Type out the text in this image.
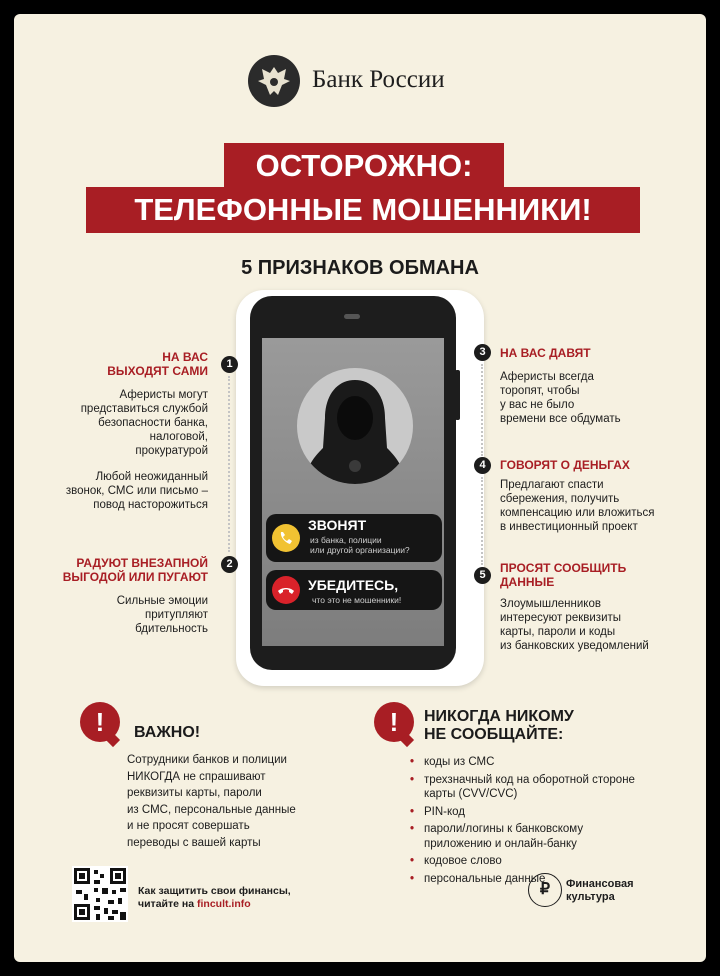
Банк России
ОСТОРОЖНО:
ТЕЛЕФОННЫЕ МОШЕННИКИ!
5 ПРИЗНАКОВ ОБМАНА
ЗВОНЯТ
из банка, полиции
или другой организации?
УБЕДИТЕСЬ,
что это не мошенники!
1
2
3
4
5
НА ВАС
ВЫХОДЯТ САМИ
Аферисты могут
представиться службой
безопасности банка,
налоговой,
прокуратурой
Любой неожиданный
звонок, СМС или письмо –
повод насторожиться
РАДУЮТ ВНЕЗАПНОЙ
ВЫГОДОЙ ИЛИ ПУГАЮТ
Сильные эмоции
притупляют
бдительность
НА ВАС ДАВЯТ
Аферисты всегда
торопят, чтобы
у вас не было
времени все обдумать
ГОВОРЯТ О ДЕНЬГАХ
Предлагают спасти
сбережения, получить
компенсацию или вложиться
в инвестиционный проект
ПРОСЯТ СООБЩИТЬ
ДАННЫЕ
Злоумышленников
интересуют реквизиты
карты, пароли и коды
из банковских уведомлений
!	ВАЖНО!
Сотрудники банков и полиции
НИКОГДА не спрашивают
реквизиты карты, пароли
из СМС, персональные данные
и не просят совершать
переводы с вашей карты
!	НИКОГДА НИКОМУ
НЕ СООБЩАЙТЕ:
• коды из СМС
• трехзначный код на оборотной стороне карты (CVV/CVC)
• PIN-код
• пароли/логины к банковскому приложению и онлайн-банку
• кодовое слово
• персональные данные
Как защитить свои финансы,
читайте на fincult.info
₽	Финансовая
культура
